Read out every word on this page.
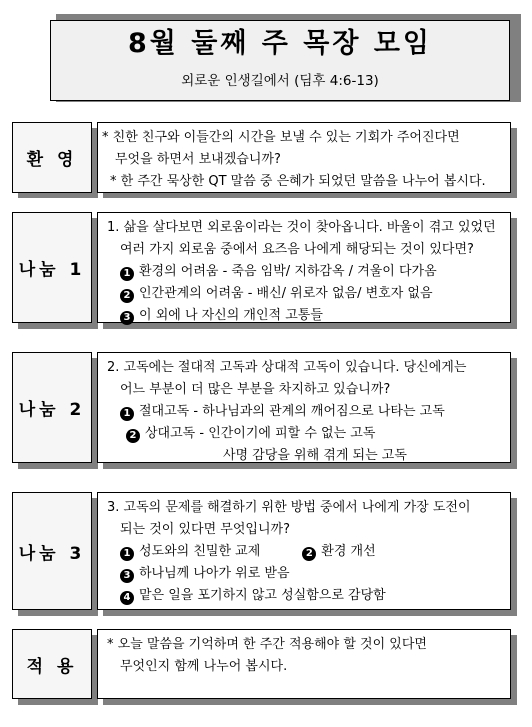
8월 둘째 주 목장 모임
외로운 인생길에서 (딤후 4:6-13)
환 영
* 친한 친구와 이들간의 시간을 보낼 수 있는 기회가 주어진다면
무엇을 하면서 보내겠습니까?
* 한 주간 묵상한 QT 말씀 중 은혜가 되었던 말씀을 나누어 봅시다.
나눔 1
1. 삶을 살다보면 외로움이라는 것이 찾아옵니다. 바울이 겪고 있었던
여러 가지 외로움 중에서 요즈음 나에게 해당되는 것이 있다면?
1 환경의 어려움 - 죽음 임박/ 지하감옥 / 겨울이 다가옴
2 인간관계의 어려움 - 배신/ 위로자 없음/ 변호자 없음
3 이 외에 나 자신의 개인적 고통들
나눔 2
2. 고독에는 절대적 고독과 상대적 고독이 있습니다. 당신에게는
어느 부분이 더 많은 부분을 차지하고 있습니까?
1 절대고독 - 하나님과의 관계의 깨어짐으로 나타는 고독
2 상대고독 - 인간이기에 피할 수 없는 고독
사명 감당을 위해 겪게 되는 고독
나눔 3
3. 고독의 문제를 해결하기 위한 방법 중에서 나에게 가장 도전이
되는 것이 있다면 무엇입니까?
1 성도와의 친밀한 교제	2 환경 개선
3 하나님께 나아가 위로 받음
4 맡은 일을 포기하지 않고 성실함으로 감당함
적 용
* 오늘 말씀을 기억하며 한 주간 적용해야 할 것이 있다면
무엇인지 함께 나누어 봅시다.
